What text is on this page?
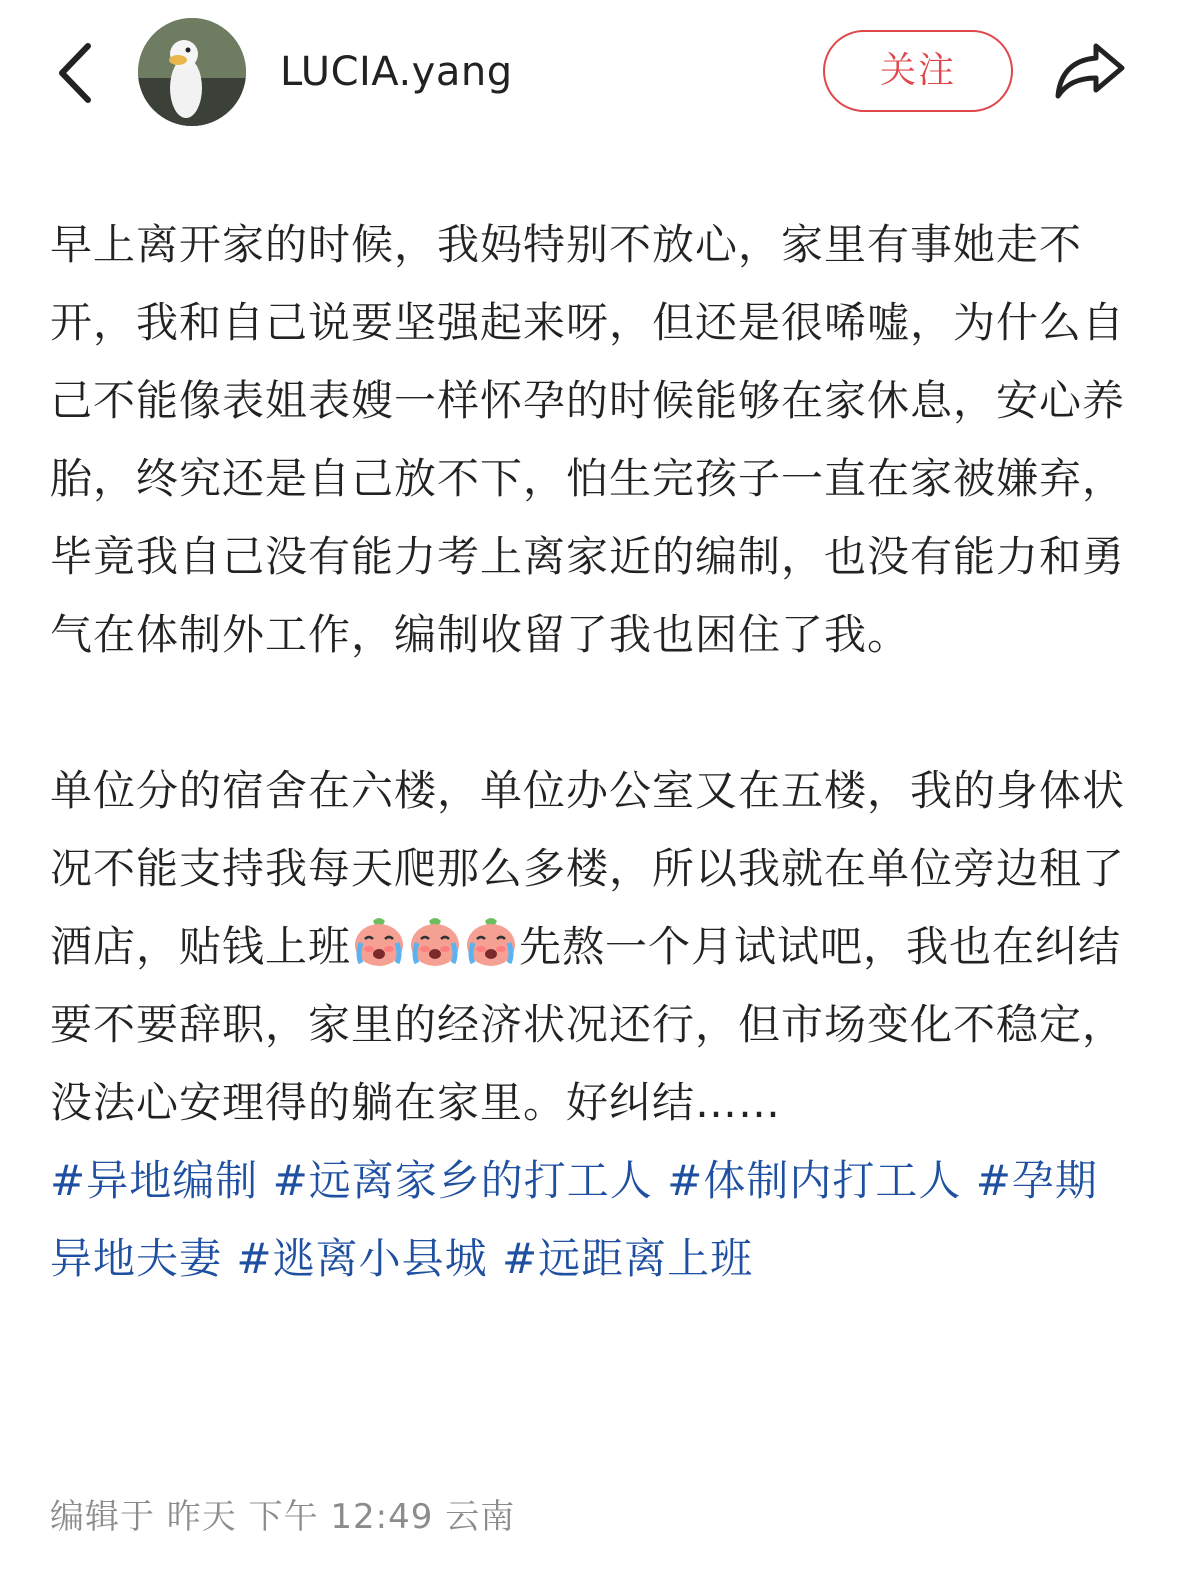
LUCIA.yang	关注

早上离开家的时候，我妈特别不放心，家里有事她走不开，我和自己说要坚强起来呀，但还是很唏嘘，为什么自己不能像表姐表嫂一样怀孕的时候能够在家休息，安心养胎，终究还是自己放不下，怕生完孩子一直在家被嫌弃，毕竟我自己没有能力考上离家近的编制，也没有能力和勇气在体制外工作，编制收留了我也困住了我。

单位分的宿舍在六楼，单位办公室又在五楼，我的身体状况不能支持我每天爬那么多楼，所以我就在单位旁边租了酒店，贴钱上班	先熬一个月试试吧，我也在纠结要不要辞职，家里的经济状况还行，但市场变化不稳定，没法心安理得的躺在家里。好纠结……

#异地编制 #远离家乡的打工人 #体制内打工人 #孕期异地夫妻 #逃离小县城 #远距离上班

编辑于 昨天 下午 12:49 云南
